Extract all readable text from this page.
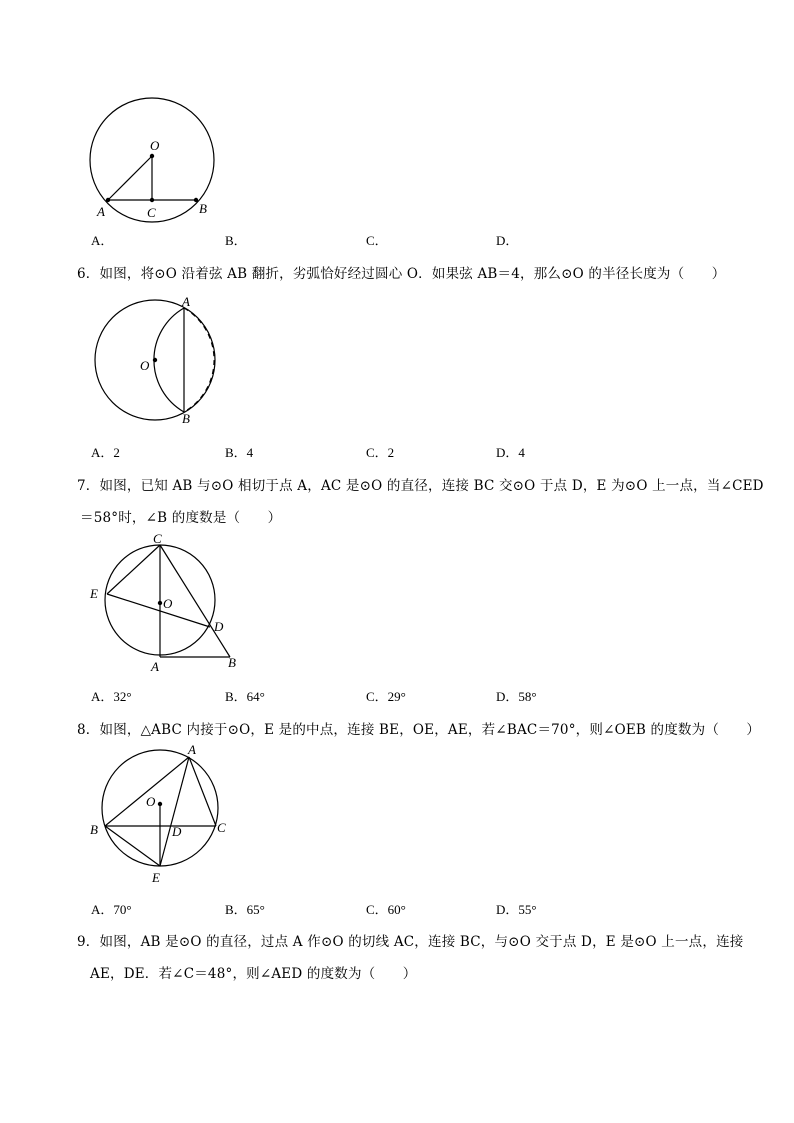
O
A	C	B
A．	B．	C．	D．
6．如图，将⊙O 沿着弦 AB 翻折，劣弧恰好经过圆心 O．如果弦 AB＝4，那么⊙O 的半径长度为（　　）
A
O
B
A．2	B．4	C．2	D．4
7．如图，已知 AB 与⊙O 相切于点 A，AC 是⊙O 的直径，连接 BC 交⊙O 于点 D，E 为⊙O 上一点，当∠CED
＝58°时，∠B 的度数是（　　）
C
E
O
D
A	B
A．32°	B．64°	C．29°	D．58°
8．如图，△ABC 内接于⊙O，E 是的中点，连接 BE，OE，AE，若∠BAC＝70°，则∠OEB 的度数为（　　）
A
O
B	C
D
E
A．70°	B．65°	C．60°	D．55°
9．如图，AB 是⊙O 的直径，过点 A 作⊙O 的切线 AC，连接 BC，与⊙O 交于点 D，E 是⊙O 上一点，连接
AE，DE．若∠C＝48°，则∠AED 的度数为（　　）
